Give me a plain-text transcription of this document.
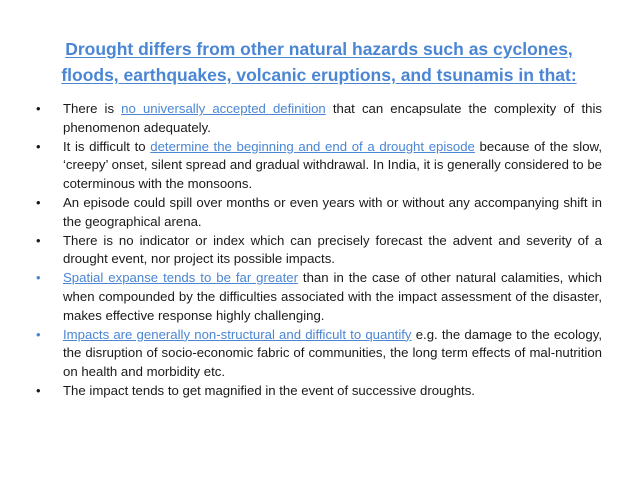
Drought differs from other natural hazards such as cyclones,
floods, earthquakes, volcanic eruptions, and tsunamis in that:
•	There is no universally accepted definition that can encapsulate the complexity of this phenomenon adequately.
•	It is difficult to determine the beginning and end of a drought episode because of the slow, ‘creepy’ onset, silent spread and gradual withdrawal. In India, it is generally considered to be coterminous with the monsoons.
•	An episode could spill over months or even years with or without any accompanying shift in the geographical arena.
•	There is no indicator or index which can precisely forecast the advent and severity of a drought event, nor project its possible impacts.
•	Spatial expanse tends to be far greater than in the case of other natural calamities, which when compounded by the difficulties associated with the impact assessment of the disaster, makes effective response highly challenging.
•	Impacts are generally non-structural and difficult to quantify e.g. the damage to the ecology, the disruption of socio-economic fabric of communities, the long term effects of mal-nutrition on health and morbidity etc.
•	The impact tends to get magnified in the event of successive droughts.
